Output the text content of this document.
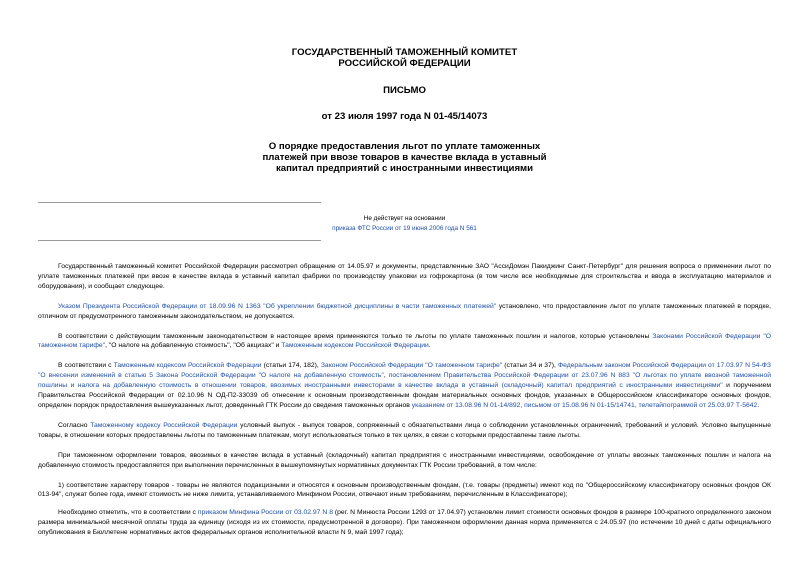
ГОСУДАРСТВЕННЫЙ ТАМОЖЕННЫЙ КОМИТЕТ
РОССИЙСКОЙ ФЕДЕРАЦИИ

ПИСЬМО

от 23 июля 1997 года N 01-45/14073

О порядке предоставления льгот по уплате таможенных
платежей при ввозе товаров в качестве вклада в уставный
капитал предприятий с иностранными инвестициями

Не действует на основании
приказа ФТС России от 19 июня 2006 года N 561

Государственный таможенный комитет Российской Федерации рассмотрел обращение от 14.05.97 и документы, представленные ЗАО "АссиДомэн Пакиджинг Санкт-Петербург" для решения вопроса о применении льгот по уплате таможенных платежей при ввозе в качестве вклада в уставный капитал фабрики по производству упаковки из гофрокартона (в том числе все необходимые для строительства и ввода в эксплуатацию материалов и оборудования), и сообщает следующее.

Указом Президента Российской Федерации от 18.09.96 N 1363 "Об укреплении бюджетной дисциплины в части таможенных платежей" установлено, что предоставление льгот по уплате таможенных платежей в порядке, отличном от предусмотренного таможенным законодательством, не допускается.

В соответствии с действующим таможенным законодательством в настоящее время применяются только те льготы по уплате таможенных пошлин и налогов, которые установлены Законами Российской Федерации "О таможенном тарифе", "О налоге на добавленную стоимость", "Об акцизах" и Таможенным кодексом Российской Федерации.

В соответствии с Таможенным кодексом Российской Федерации (статьи 174, 182), Законом Российской Федерации "О таможенном тарифе" (статьи 34 и 37), Федеральным законом Российской Федерации от 17.03.97 N 54-ФЗ "О внесении изменений в статью 5 Закона Российской Федерации "О налоге на добавленную стоимость", постановлением Правительства Российской Федерации от 23.07.96 N 883 "О льготах по уплате ввозной таможенной пошлины и налога на добавленную стоимость в отношении товаров, ввозимых иностранными инвесторами в качестве вклада в уставный (складочный) капитал предприятий с иностранными инвестициями" и поручением Правительства Российской Федерации от 02.10.96 N ОД-П2-33039 об отнесении к основным производственным фондам материальных основных фондов, указанных в Общероссийском классификаторе основных фондов, определен порядок предоставления вышеуказанных льгот, доведенный ГТК России до сведения таможенных органов указанием от 13.08.96 N 01-14/892, письмом от 15.08.96 N 01-15/14741, телетайпограммой от 25.03.97 Т-5642.

Согласно Таможенному кодексу Российской Федерации условный выпуск - выпуск товаров, сопряженный с обязательствами лица о соблюдении установленных ограничений, требований и условий. Условно выпущенные товары, в отношении которых предоставлены льготы по таможенным платежам, могут использоваться только в тех целях, в связи с которыми предоставлены такие льготы.

При таможенном оформлении товаров, ввозимых в качестве вклада в уставный (складочный) капитал предприятия с иностранными инвестициями, освобождение от уплаты ввозных таможенных пошлин и налога на добавленную стоимость предоставляется при выполнении перечисленных в вышеупомянутых нормативных документах ГТК России требований, в том числе:

1) соответствие характеру товаров - товары не являются подакцизными и относятся к основным производственным фондам, (т.е. товары (предметы) имеют код по "Общероссийскому классификатору основных фондов ОК 013-94", служат более года, имеют стоимость не ниже лимита, устанавливаемого Минфином России, отвечают иным требованиям, перечисленным в Классификаторе);

Необходимо отметить, что в соответствии с приказом Минфина России от 03.02.97 N 8 (рег. N Минюста России 1293 от 17.04.97) установлен лимит стоимости основных фондов в размере 100-кратного определенного законом размера минимальной месячной оплаты труда за единицу (исходя из их стоимости, предусмотренной в договоре). При таможенном оформлении данная норма применяется с 24.05.97 (по истечении 10 дней с даты официального опубликования в Бюллетене нормативных актов федеральных органов исполнительной власти N 9, май 1997 года);
